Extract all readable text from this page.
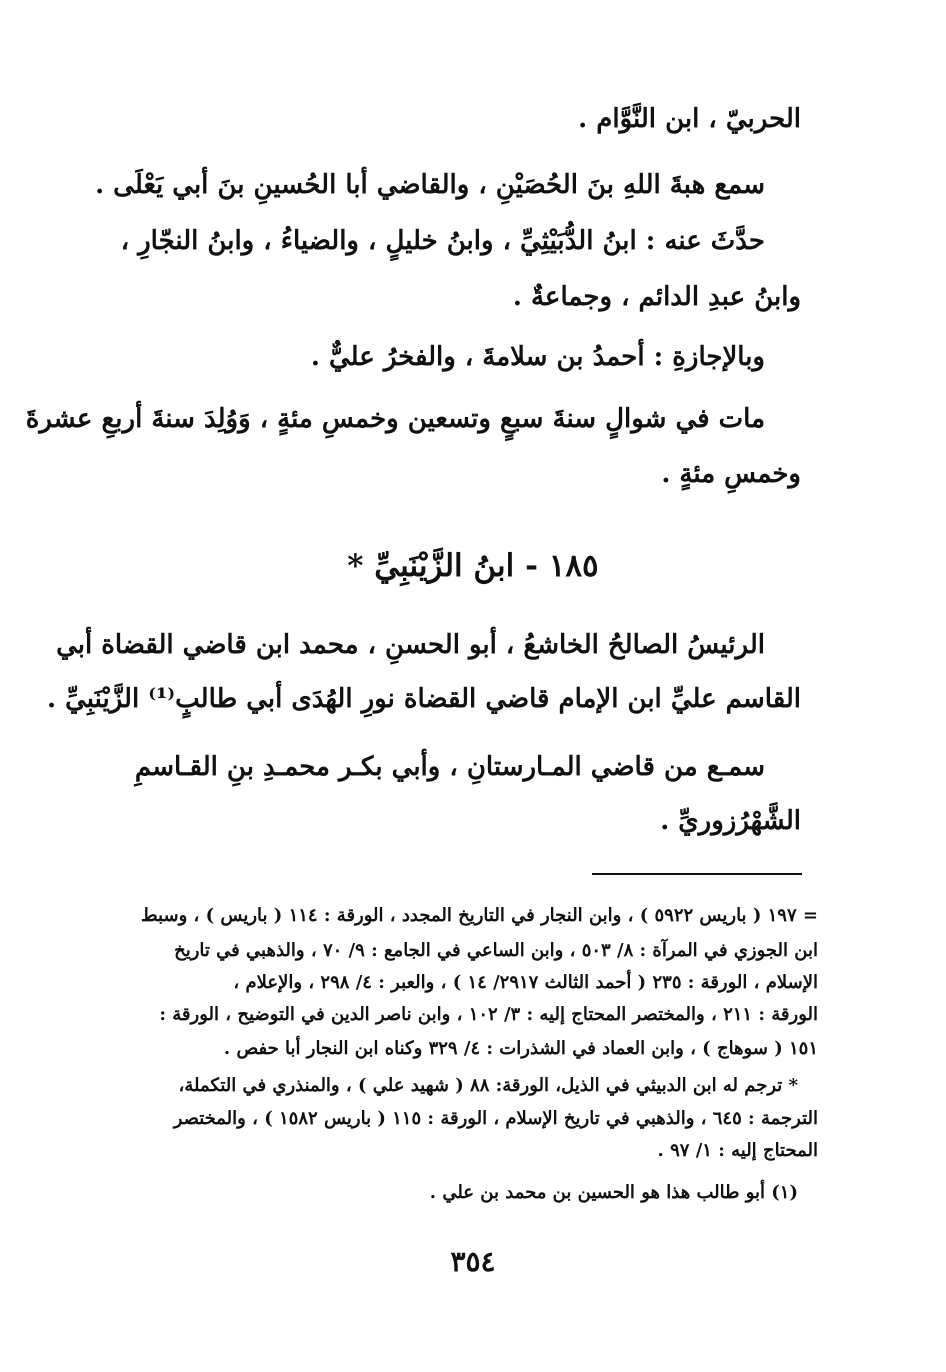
الحربيّ ، ابن النَّوَّام .
سمع هبةَ اللهِ بنَ الحُصَيْنِ ، والقاضي أبا الحُسينِ بنَ أبي يَعْلَى .
حدَّثَ عنه : ابنُ الدُّبَيْثِيِّ ، وابنُ خليلٍ ، والضياءُ ، وابنُ النجّارِ ،
وابنُ عبدِ الدائم ، وجماعةٌ .
وبالإجازةِ : أحمدُ بن سلامةَ ، والفخرُ عليٌّ .
مات في شوالٍ سنةَ سبعٍ وتسعين وخمسِ مئةٍ ، وَوُلِدَ سنةَ أربعِ عشرةَ
وخمسِ مئةٍ .
١٨٥ - ابنُ الزَّيْنَبِيِّ *
الرئيسُ الصالحُ الخاشعُ ، أبو الحسنِ ، محمد ابن قاضي القضاة أبي
القاسم عليِّ ابن الإمام قاضي القضاة نورِ الهُدَى أبي طالبٍ⁽¹⁾ الزَّيْنَبِيِّ .
سمـع من قاضي المـارستانِ ، وأبي بكـر محمـدِ بنِ القـاسمِ
الشَّهْرُزوريِّ .
= ١٩٧ ( باريس ٥٩٢٢ ) ، وابن النجار في التاريخ المجدد ، الورقة : ١١٤ ( باريس ) ، وسبط
ابن الجوزي في المرآة : ٨/ ٥٠٣ ، وابن الساعي في الجامع : ٩/ ٧٠ ، والذهبي في تاريخ
الإسلام ، الورقة : ٢٣٥ ( أحمد الثالث ٢٩١٧/ ١٤ ) ، والعبر : ٤/ ٢٩٨ ، والإعلام ،
الورقة : ٢١١ ، والمختصر المحتاج إليه : ٣/ ١٠٢ ، وابن ناصر الدين في التوضيح ، الورقة :
١٥١ ( سوهاج ) ، وابن العماد في الشذرات : ٤/ ٣٢٩ وكناه ابن النجار أبا حفص .
* ترجم له ابن الدبيثي في الذيل، الورقة: ٨٨ ( شهيد علي ) ، والمنذري في التكملة،
الترجمة : ٦٤٥ ، والذهبي في تاريخ الإسلام ، الورقة : ١١٥ ( باريس ١٥٨٢ ) ، والمختصر
المحتاج إليه : ١/ ٩٧ .
(١) أبو طالب هذا هو الحسين بن محمد بن علي .
٣٥٤
